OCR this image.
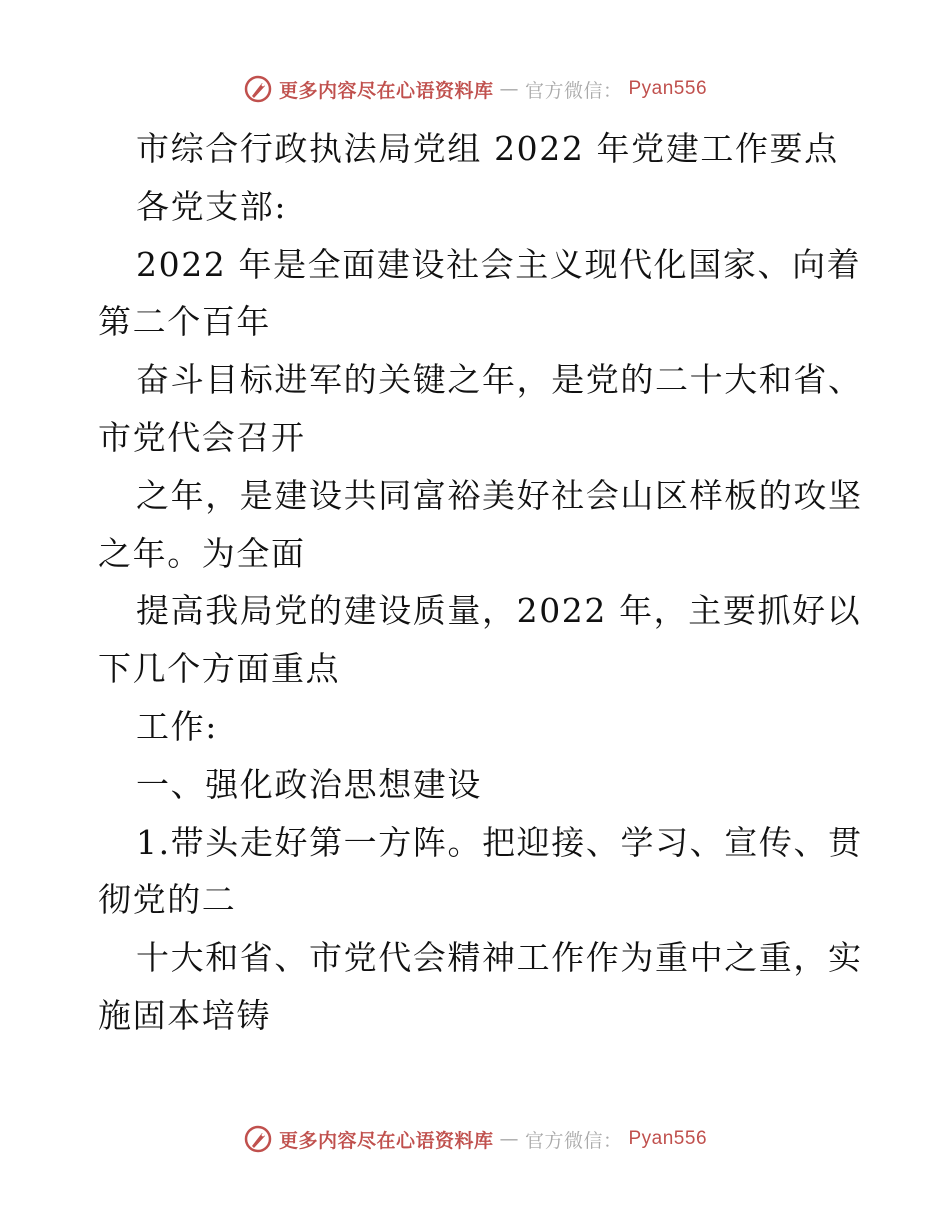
更多内容尽在心语资料库 — 官方微信： Pyan556
市综合行政执法局党组 2022 年党建工作要点
各党支部:
2022 年是全面建设社会主义现代化国家、向着
第二个百年
奋斗目标进军的关键之年，是党的二十大和省、
市党代会召开
之年，是建设共同富裕美好社会山区样板的攻坚
之年。为全面
提高我局党的建设质量，2022 年，主要抓好以
下几个方面重点
工作:
一、强化政治思想建设
1.带头走好第一方阵。把迎接、学习、宣传、贯
彻党的二
十大和省、市党代会精神工作作为重中之重，实
施固本培铸
更多内容尽在心语资料库 — 官方微信： Pyan556
